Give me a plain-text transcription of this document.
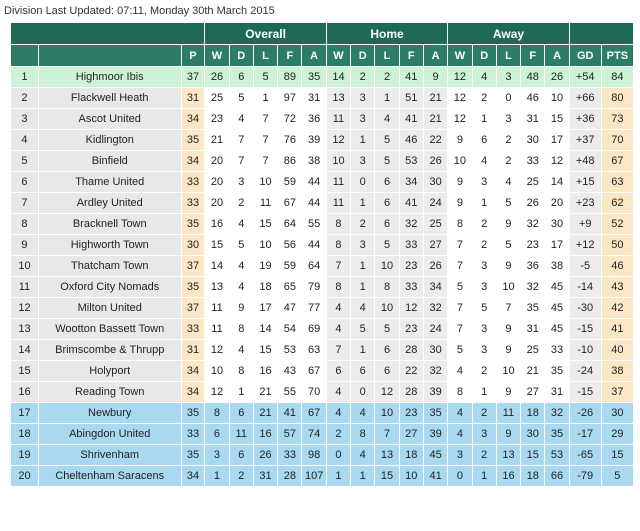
Division Last Updated: 07:11, Monday 30th March 2015
			Overall					Home					Away						
		P	W	D	L	F	A	W	D	L	F	A	W	D	L	F	A	GD	PTS
1	Highmoor Ibis	37	26	6	5	89	35	14	2	2	41	9	12	4	3	48	26	+54	84
2	Flackwell Heath	31	25	5	1	97	31	13	3	1	51	21	12	2	0	46	10	+66	80
3	Ascot United	34	23	4	7	72	36	11	3	4	41	21	12	1	3	31	15	+36	73
4	Kidlington	35	21	7	7	76	39	12	1	5	46	22	9	6	2	30	17	+37	70
5	Binfield	34	20	7	7	86	38	10	3	5	53	26	10	4	2	33	12	+48	67
6	Thame United	33	20	3	10	59	44	11	0	6	34	30	9	3	4	25	14	+15	63
7	Ardley United	33	20	2	11	67	44	11	1	6	41	24	9	1	5	26	20	+23	62
8	Bracknell Town	35	16	4	15	64	55	8	2	6	32	25	8	2	9	32	30	+9	52
9	Highworth Town	30	15	5	10	56	44	8	3	5	33	27	7	2	5	23	17	+12	50
10	Thatcham Town	37	14	4	19	59	64	7	1	10	23	26	7	3	9	36	38	-5	46
11	Oxford City Nomads	35	13	4	18	65	79	8	1	8	33	34	5	3	10	32	45	-14	43
12	Milton United	37	11	9	17	47	77	4	4	10	12	32	7	5	7	35	45	-30	42
13	Wootton Bassett Town	33	11	8	14	54	69	4	5	5	23	24	7	3	9	31	45	-15	41
14	Brimscombe & Thrupp	31	12	4	15	53	63	7	1	6	28	30	5	3	9	25	33	-10	40
15	Holyport	34	10	8	16	43	67	6	6	6	22	32	4	2	10	21	35	-24	38
16	Reading Town	34	12	1	21	55	70	4	0	12	28	39	8	1	9	27	31	-15	37
17	Newbury	35	8	6	21	41	67	4	4	10	23	35	4	2	11	18	32	-26	30
18	Abingdon United	33	6	11	16	57	74	2	8	7	27	39	4	3	9	30	35	-17	29
19	Shrivenham	35	3	6	26	33	98	0	4	13	18	45	3	2	13	15	53	-65	15
20	Cheltenham Saracens	34	1	2	31	28	107	1	1	15	10	41	0	1	16	18	66	-79	5
